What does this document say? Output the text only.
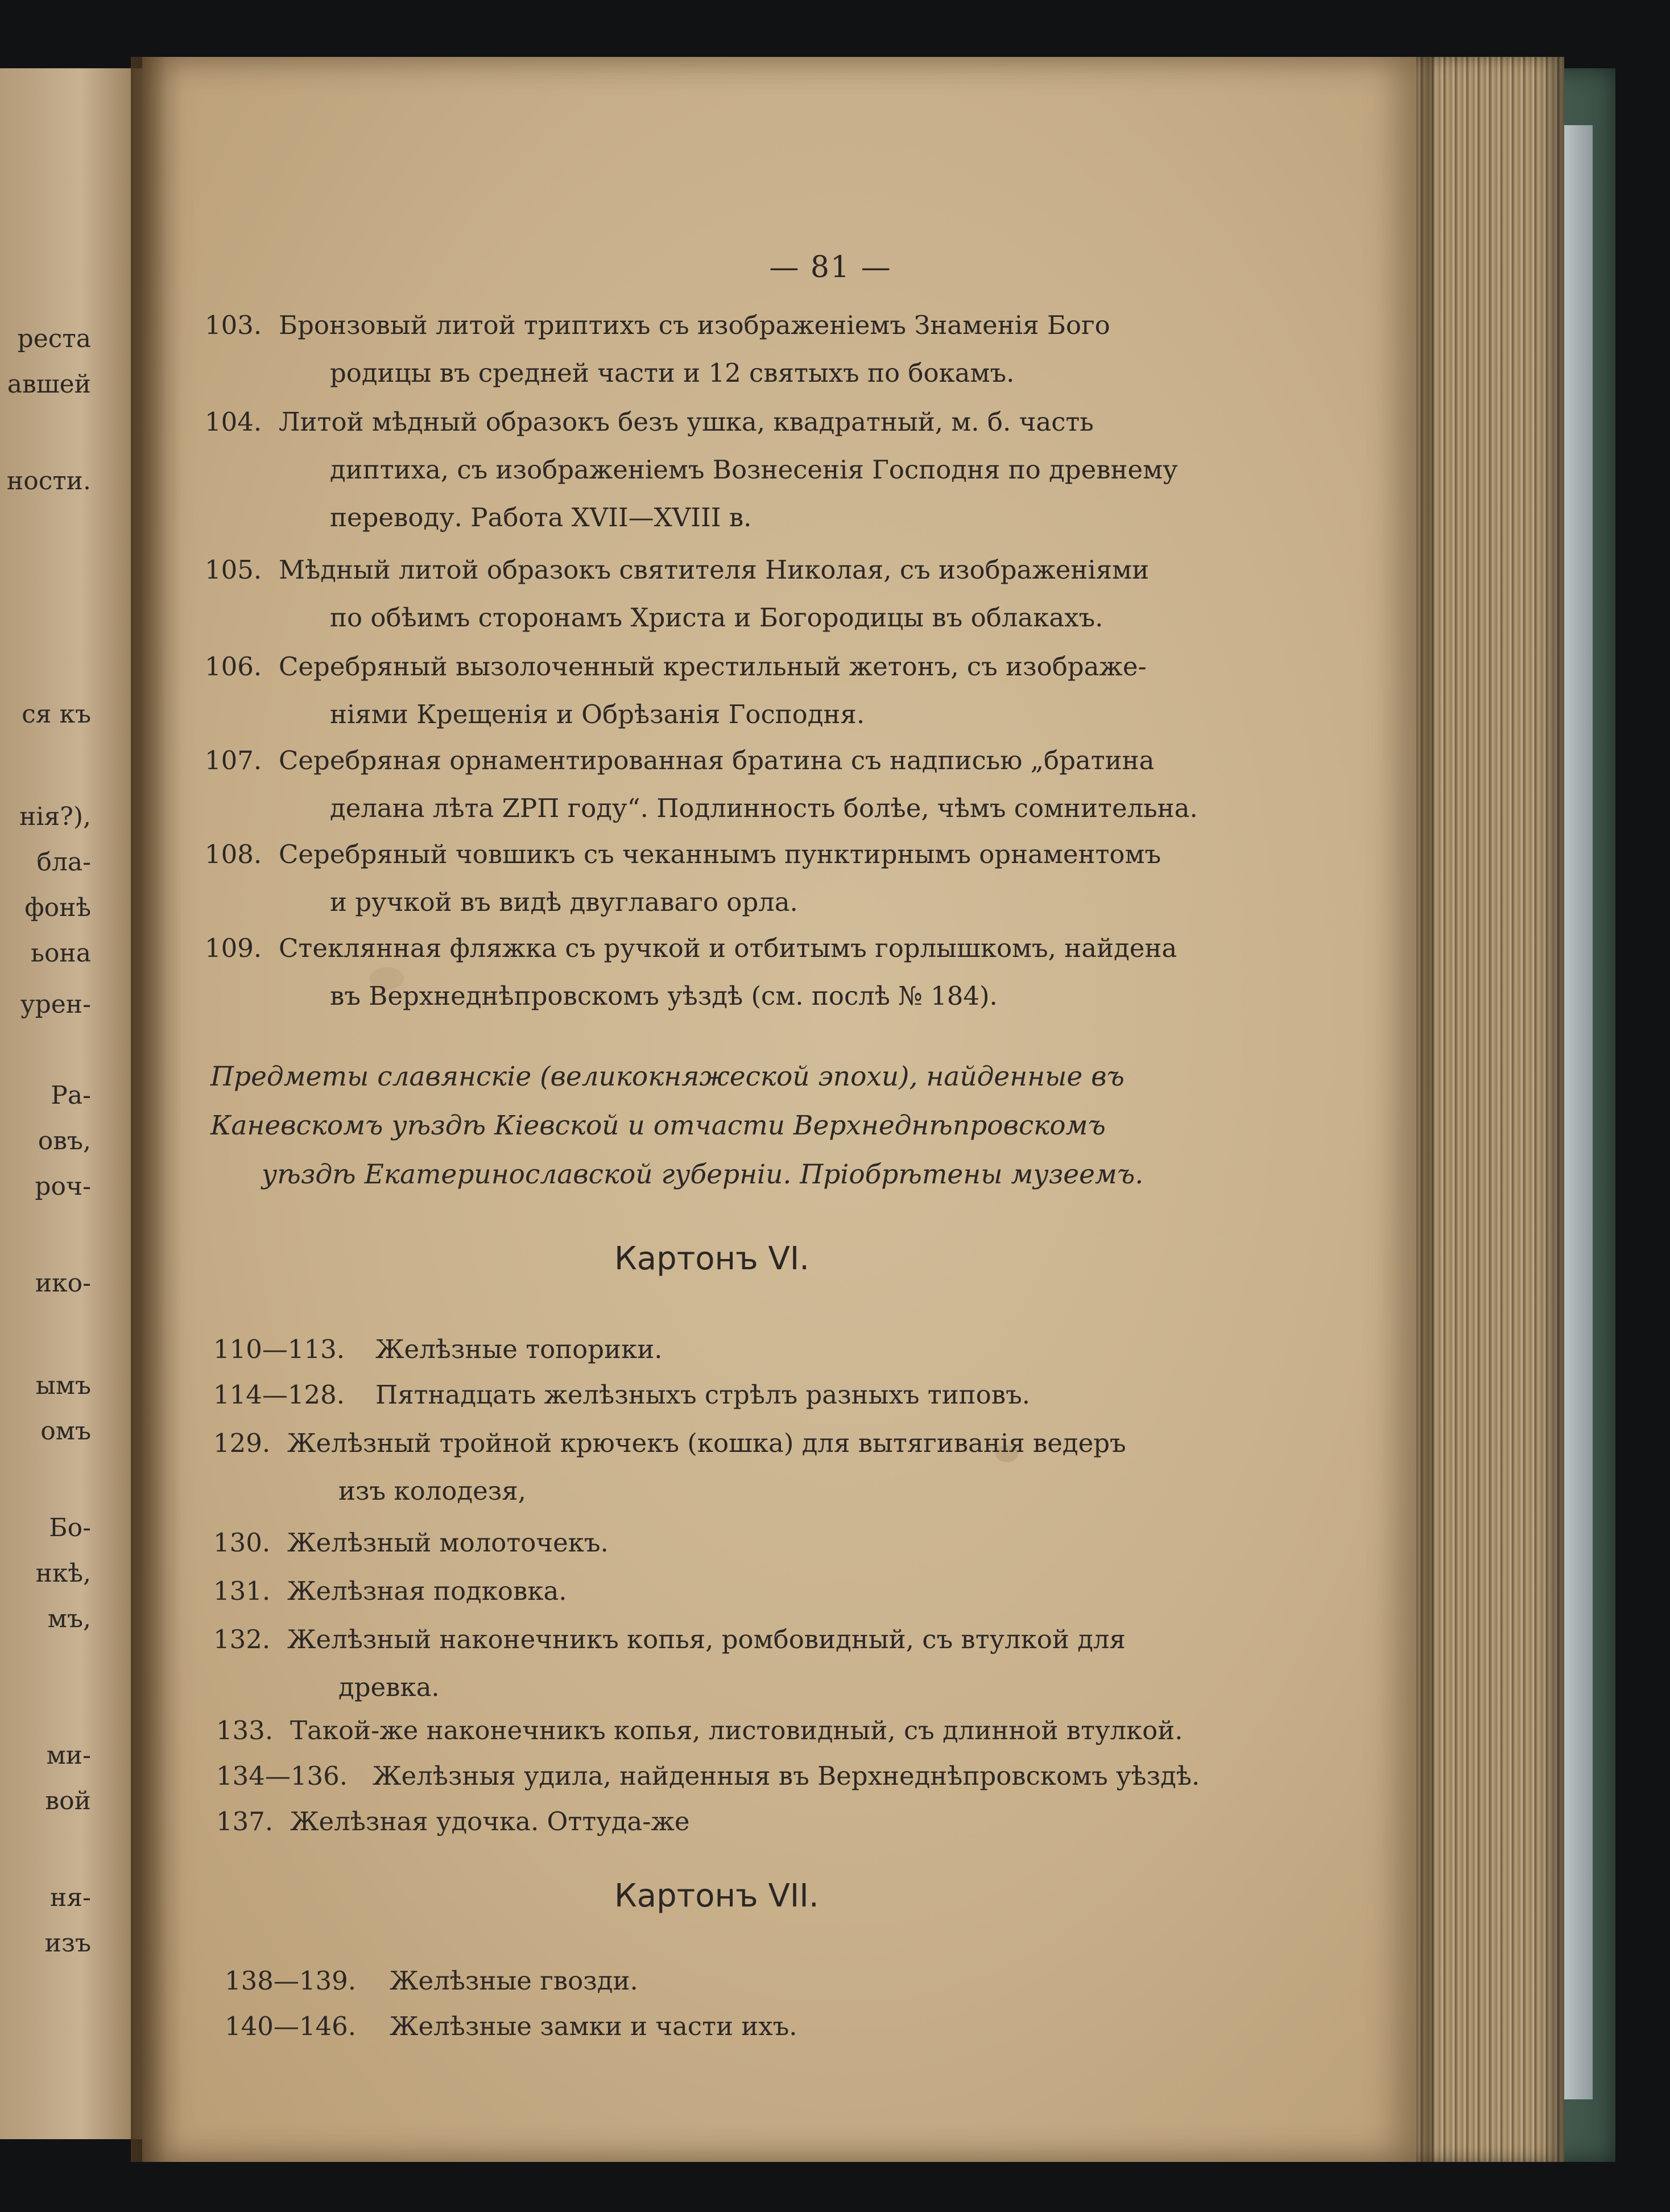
реста
авшей
ности.
ся къ
нія?),
бла-
фонѣ
ьона
урен-
Ра-
овъ,
роч-
ико-
ымъ
омъ
Бо-
нкѣ,
мъ,
ми-
вой
ня-
изъ
— 81 —
103. Бронзовый литой триптихъ съ изображеніемъ Знаменія Бого
родицы въ средней части и 12 святыхъ по бокамъ.
104. Литой мѣдный образокъ безъ ушка, квадратный, м. б. часть
диптиха, съ изображеніемъ Вознесенія Господня по древнему
переводу. Работа XVII—XVIII в.
105. Мѣдный литой образокъ святителя Николая, съ изображеніями
по обѣимъ сторонамъ Христа и Богородицы въ облакахъ.
106. Серебряный вызолоченный крестильный жетонъ, съ изображе-
ніями Крещенія и Обрѣзанія Господня.
107. Серебряная орнаментированная братина съ надписью „братина
делана лѣта ZPП году“. Подлинность болѣе, чѣмъ сомнительна.
108. Серебряный човшикъ съ чеканнымъ пунктирнымъ орнаментомъ
и ручкой въ видѣ двуглаваго орла.
109. Стеклянная фляжка съ ручкой и отбитымъ горлышкомъ, найдена
въ Верхнеднѣпровскомъ уѣздѣ (см. послѣ № 184).
Предметы славянскіе (великокняжеской эпохи), найденные въ
Каневскомъ уѣздѣ Кіевской и отчасти Верхнеднѣпровскомъ
уѣздѣ Екатеринославской губерніи. Пріобрѣтены музеемъ.
Картонъ VI.
110—113. Желѣзные топорики.
114—128. Пятнадцать желѣзныхъ стрѣлъ разныхъ типовъ.
129. Желѣзный тройной крючекъ (кошка) для вытягиванія ведеръ
изъ колодезя,
130. Желѣзный молоточекъ.
131. Желѣзная подковка.
132. Желѣзный наконечникъ копья, ромбовидный, съ втулкой для
древка.
133. Такой-же наконечникъ копья, листовидный, съ длинной втулкой.
134—136. Желѣзныя удила, найденныя въ Верхнеднѣпровскомъ уѣздѣ.
137. Желѣзная удочка. Оттуда-же
Картонъ VII.
138—139. Желѣзные гвозди.
140—146. Желѣзные замки и части ихъ.
